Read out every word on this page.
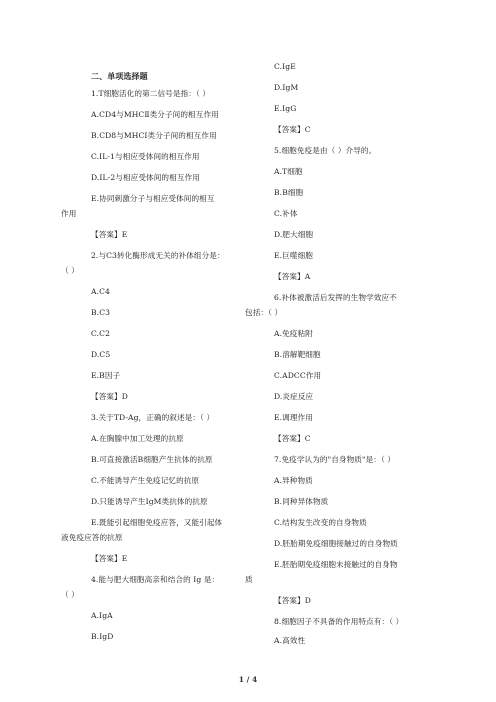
二、单项选择题
1.T细胞活化的第二信号是指：（ ）
A.CD4与MHCⅡ类分子间的相互作用
B.CD8与MHCⅠ类分子间的相互作用
C.IL-1与相应受体间的相互作用
D.IL-2与相应受体间的相互作用
E.协同刺激分子与相应受体间的相互
作用
【答案】E
2.与C3转化酶形成无关的补体组分是：
（ ）
A.C4
B.C3
C.C2
D.C5
E.B因子
【答案】D
3.关于TD-Ag，正确的叙述是：（ ）
A.在胸腺中加工处理的抗原
B.可直接激活B细胞产生抗体的抗原
C.不能诱导产生免疫记忆的抗原
D.只能诱导产生IgM类抗体的抗原
E.既能引起细胞免疫应答，又能引起体
液免疫应答的抗原
【答案】E
4.能与肥大细胞高亲和结合的 Ig 是：
（ ）
A.IgA
B.IgD
C.IgE
D.IgM
E.IgG
【答案】C
5.细胞免疫是由（ ）介导的。
A.T细胞
B.B细胞
C.补体
D.肥大细胞
E.巨噬细胞
【答案】A
6.补体被激活后发挥的生物学效应不
包括：（ ）
A.免疫粘附
B.溶解靶细胞
C.ADCC作用
D.炎症反应
E.调理作用
【答案】C
7.免疫学认为的"自身物质"是：（ ）
A.异种物质
B.同种异体物质
C.结构发生改变的自身物质
D.胚胎期免疫细胞接触过的自身物质
E.胚胎期免疫细胞未接触过的自身物
质
【答案】D
8.细胞因子不具备的作用特点有：（ ）
A.高效性
1 / 4
